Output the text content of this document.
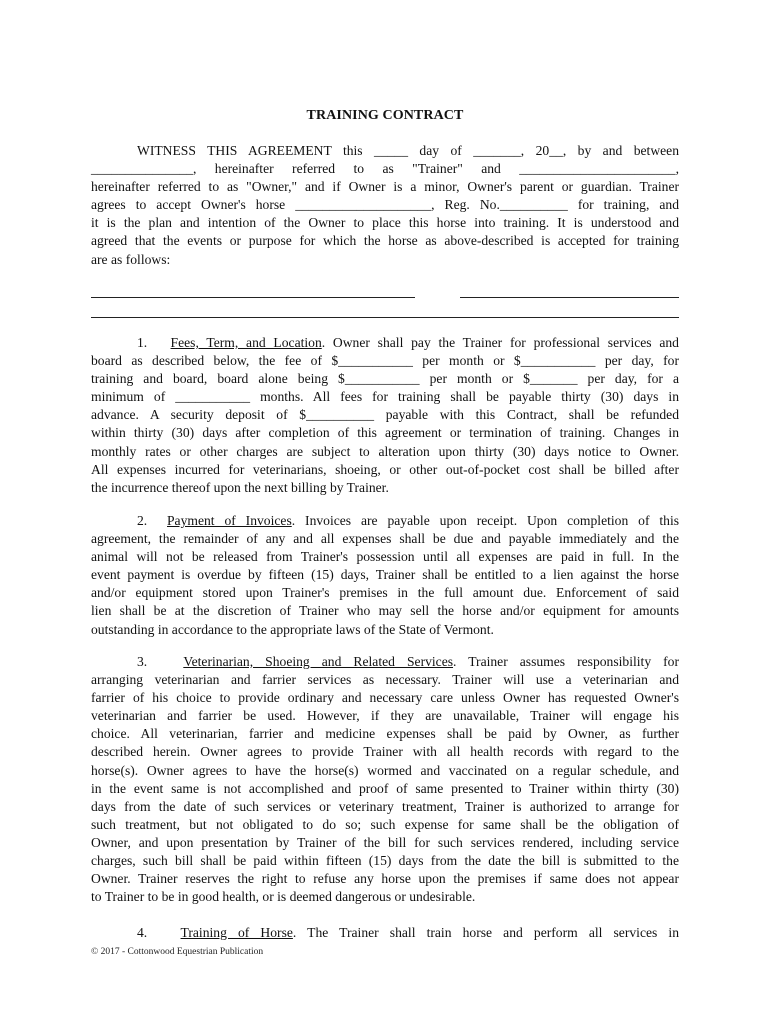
TRAINING CONTRACT
WITNESS THIS AGREEMENT this _____ day of _______, 20__, by and between
_______________, hereinafter referred to as "Trainer" and _______________________,
hereinafter referred to as "Owner," and if Owner is a minor, Owner's parent or guardian. Trainer
agrees to accept Owner's horse ____________________, Reg. No.__________ for training, and
it is the plan and intention of the Owner to place this horse into training. It is understood and
agreed that the events or purpose for which the horse as above-described is accepted for training
are as follows:
1. Fees, Term, and Location. Owner shall pay the Trainer for professional services and
board as described below, the fee of $___________ per month or $___________ per day, for
training and board, board alone being $___________ per month or $_______ per day, for a
minimum of ___________ months. All fees for training shall be payable thirty (30) days in
advance. A security deposit of $__________ payable with this Contract, shall be refunded
within thirty (30) days after completion of this agreement or termination of training. Changes in
monthly rates or other charges are subject to alteration upon thirty (30) days notice to Owner.
All expenses incurred for veterinarians, shoeing, or other out-of-pocket cost shall be billed after
the incurrence thereof upon the next billing by Trainer.
2. Payment of Invoices. Invoices are payable upon receipt. Upon completion of this
agreement, the remainder of any and all expenses shall be due and payable immediately and the
animal will not be released from Trainer's possession until all expenses are paid in full. In the
event payment is overdue by fifteen (15) days, Trainer shall be entitled to a lien against the horse
and/or equipment stored upon Trainer's premises in the full amount due. Enforcement of said
lien shall be at the discretion of Trainer who may sell the horse and/or equipment for amounts
outstanding in accordance to the appropriate laws of the State of Vermont.
3.	Veterinarian, Shoeing and Related Services. Trainer assumes responsibility for
arranging veterinarian and farrier services as necessary. Trainer will use a veterinarian and
farrier of his choice to provide ordinary and necessary care unless Owner has requested Owner's
veterinarian and farrier be used. However, if they are unavailable, Trainer will engage his
choice. All veterinarian, farrier and medicine expenses shall be paid by Owner, as further
described herein. Owner agrees to provide Trainer with all health records with regard to the
horse(s). Owner agrees to have the horse(s) wormed and vaccinated on a regular schedule, and
in the event same is not accomplished and proof of same presented to Trainer within thirty (30)
days from the date of such services or veterinary treatment, Trainer is authorized to arrange for
such treatment, but not obligated to do so; such expense for same shall be the obligation of
Owner, and upon presentation by Trainer of the bill for such services rendered, including service
charges, such bill shall be paid within fifteen (15) days from the date the bill is submitted to the
Owner. Trainer reserves the right to refuse any horse upon the premises if same does not appear
to Trainer to be in good health, or is deemed dangerous or undesirable.
4. Training of Horse. The Trainer shall train horse and perform all services in
© 2017 - Cottonwood Equestrian Publication
